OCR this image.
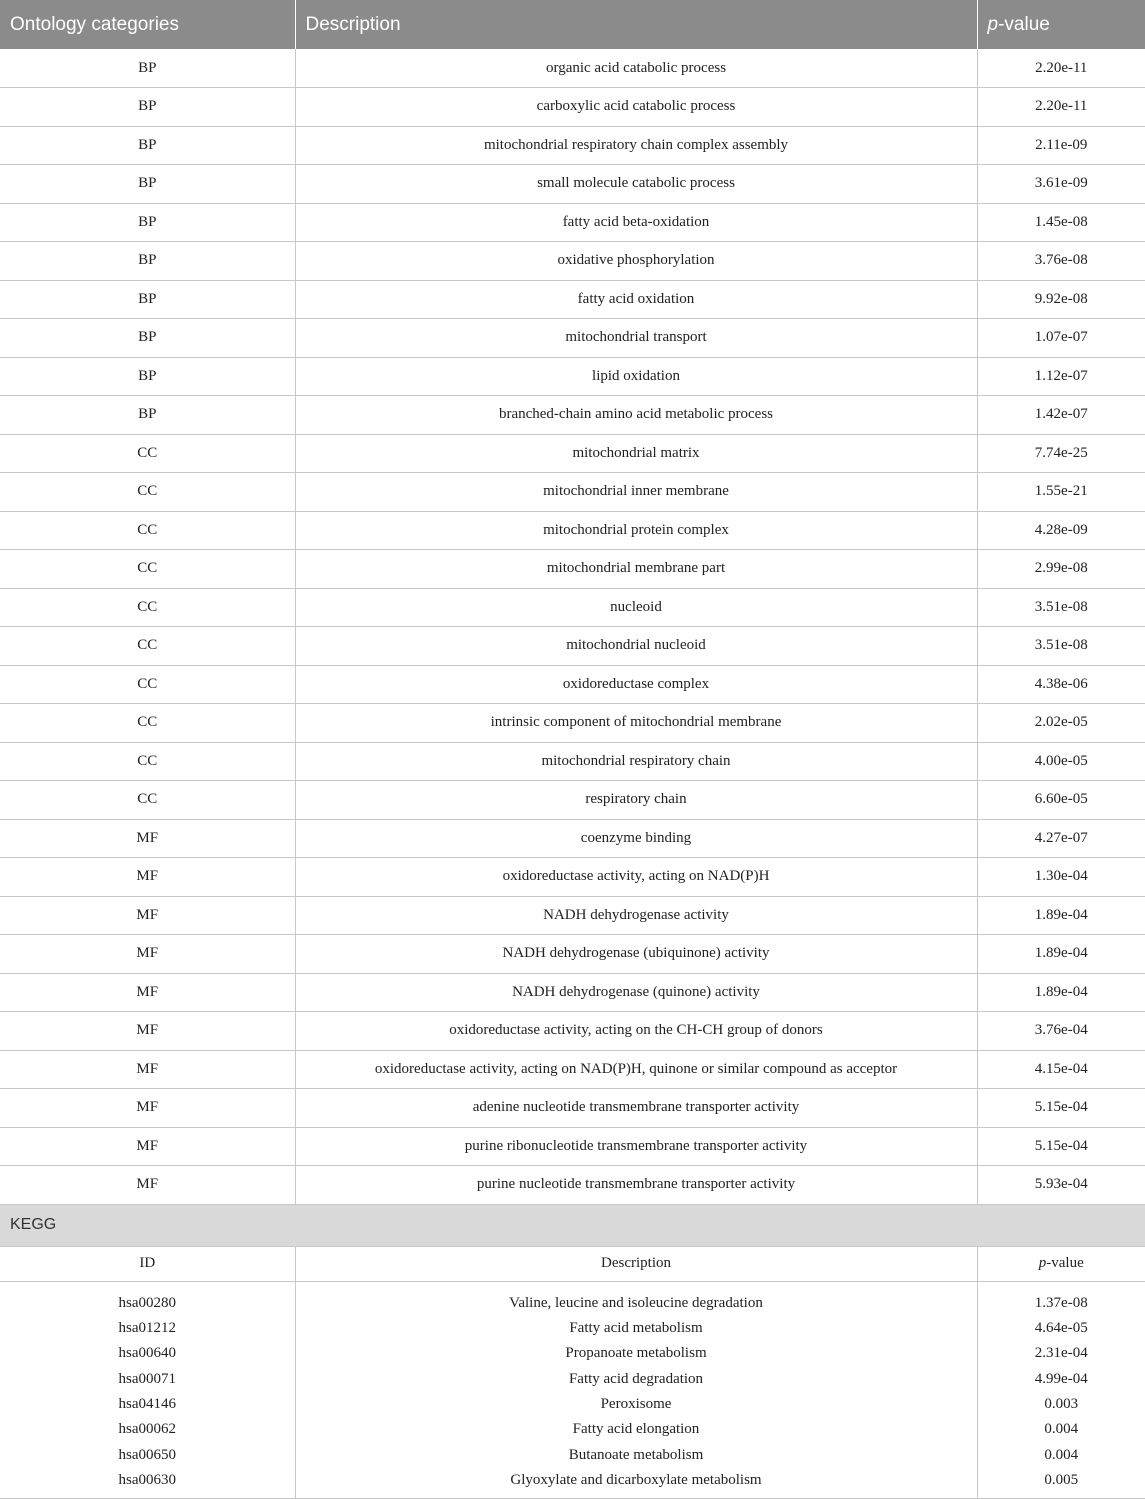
Ontology categories	Description	p-value
BP	organic acid catabolic process	2.20e-11
BP	carboxylic acid catabolic process	2.20e-11
BP	mitochondrial respiratory chain complex assembly	2.11e-09
BP	small molecule catabolic process	3.61e-09
BP	fatty acid beta-oxidation	1.45e-08
BP	oxidative phosphorylation	3.76e-08
BP	fatty acid oxidation	9.92e-08
BP	mitochondrial transport	1.07e-07
BP	lipid oxidation	1.12e-07
BP	branched-chain amino acid metabolic process	1.42e-07
CC	mitochondrial matrix	7.74e-25
CC	mitochondrial inner membrane	1.55e-21
CC	mitochondrial protein complex	4.28e-09
CC	mitochondrial membrane part	2.99e-08
CC	nucleoid	3.51e-08
CC	mitochondrial nucleoid	3.51e-08
CC	oxidoreductase complex	4.38e-06
CC	intrinsic component of mitochondrial membrane	2.02e-05
CC	mitochondrial respiratory chain	4.00e-05
CC	respiratory chain	6.60e-05
MF	coenzyme binding	4.27e-07
MF	oxidoreductase activity, acting on NAD(P)H	1.30e-04
MF	NADH dehydrogenase activity	1.89e-04
MF	NADH dehydrogenase (ubiquinone) activity	1.89e-04
MF	NADH dehydrogenase (quinone) activity	1.89e-04
MF	oxidoreductase activity, acting on the CH-CH group of donors	3.76e-04
MF	oxidoreductase activity, acting on NAD(P)H, quinone or similar compound as acceptor	4.15e-04
MF	adenine nucleotide transmembrane transporter activity	5.15e-04
MF	purine ribonucleotide transmembrane transporter activity	5.15e-04
MF	purine nucleotide transmembrane transporter activity	5.93e-04
KEGG		
ID	Description	p-value
hsa00280	Valine, leucine and isoleucine degradation	1.37e-08
hsa01212	Fatty acid metabolism	4.64e-05
hsa00640	Propanoate metabolism	2.31e-04
hsa00071	Fatty acid degradation	4.99e-04
hsa04146	Peroxisome	0.003
hsa00062	Fatty acid elongation	0.004
hsa00650	Butanoate metabolism	0.004
hsa00630	Glyoxylate and dicarboxylate metabolism	0.005
